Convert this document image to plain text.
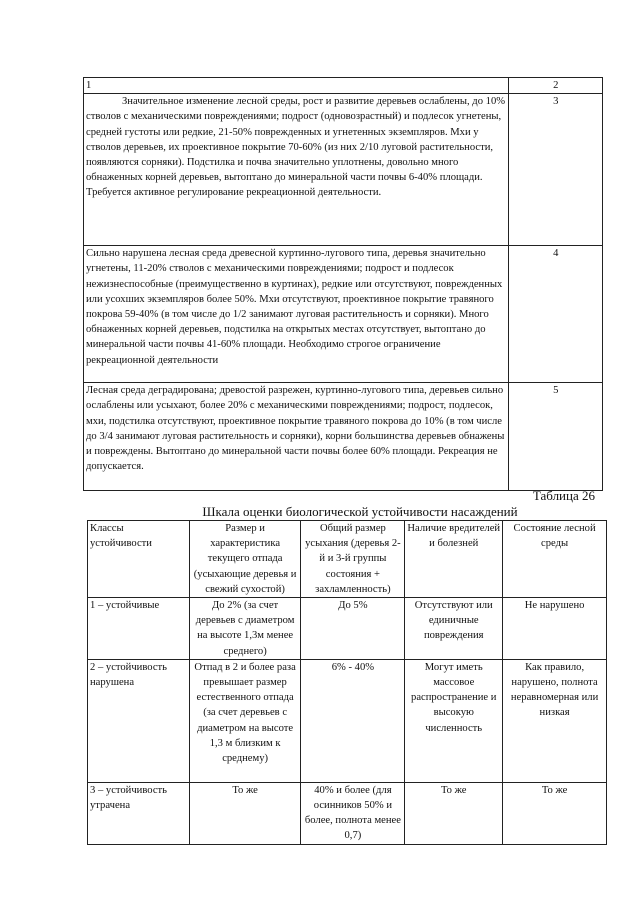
1	2

Значительное изменение лесной среды, рост и развитие деревьев ослаблены, до 10% стволов с механическими повреждениями; подрост (одновозрастный) и подлесок угнетены, средней густоты или редкие, 21-50% поврежденных и угнетенных экземпляров. Мхи у стволов деревьев, их проективное покрытие 70-60% (из них 2/10 луговой растительности, появляются сорняки). Подстилка и почва значительно уплотнены, довольно много обнаженных корней деревьев, вытоптано до минеральной части почвы 6-40% площади. Требуется активное регулирование рекреационной деятельности.	3

Сильно нарушена лесная среда древесной куртинно-лугового типа, деревья значительно угнетены, 11-20% стволов с механическими повреждениями; подрост и подлесок нежизнеспособные (преимущественно в куртинах), редкие или отсутствуют, поврежденных или усохших экземпляров более 50%. Мхи отсутствуют, проективное покрытие травяного покрова 59-40% (в том числе до 1/2 занимают луговая растительность и сорняки). Много обнаженных корней деревьев, подстилка на открытых местах отсутствует, вытоптано до минеральной части почвы 41-60% площади. Необходимо строгое ограничение рекреационной деятельности	4

Лесная среда деградирована; древостой разрежен, куртинно-лугового типа, деревьев сильно ослаблены или усыхают, более 20% с механическими повреждениями; подрост, подлесок, мхи, подстилка отсутствуют, проективное покрытие травяного покрова до 10% (в том числе до 3/4 занимают луговая растительность и сорняки), корни большинства деревьев обнажены и повреждены. Вытоптано до минеральной части почвы более 60% площади. Рекреация не допускается.	5
Таблица 26
Шкала оценки биологической устойчивости насаждений
Классы устойчивости	Размер и характеристика текущего отпада (усыхающие деревья и свежий сухостой)	Общий размер усыхания (деревья 2-й и 3-й группы состояния + захламленность)	Наличие вредителей и болезней	Состояние лесной среды
1 – устойчивые	До 2% (за счет деревьев с диаметром на высоте 1,3м менее среднего)	До 5%	Отсутствуют или единичные повреждения	Не нарушено
2 – устойчивость нарушена	Отпад в 2 и более раза превышает размер естественного отпада (за счет деревьев с диаметром на высоте 1,3 м близким к среднему)	6% - 40%	Могут иметь массовое распространение и высокую численность	Как правило, нарушено, полнота неравномерная или низкая
3 – устойчивость утрачена	То же	40% и более (для осинников 50% и более, полнота менее 0,7)	То же	То же
